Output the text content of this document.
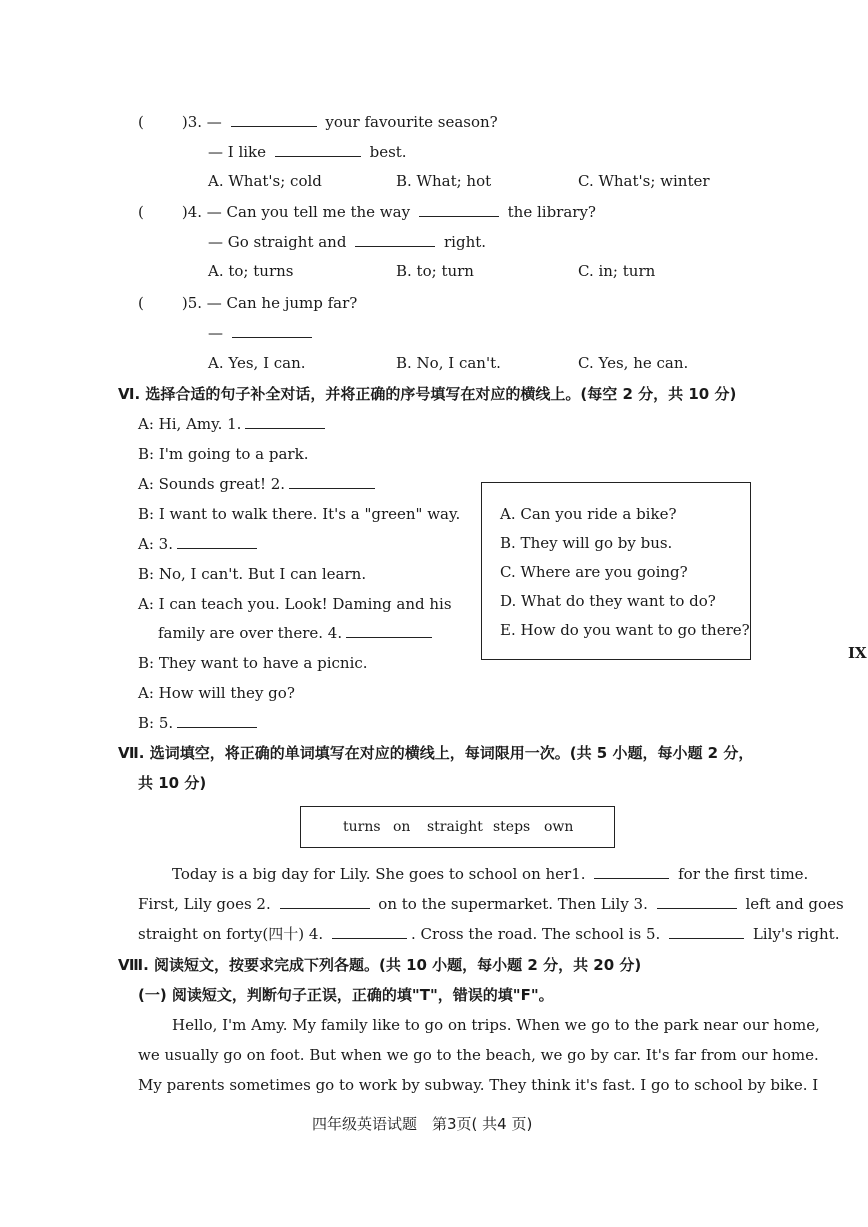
(	)3. —	your favourite season?
— I like	best.
A. What's; cold	B. What; hot	C. What's; winter
(	)4. — Can you tell me the way	the library?
— Go straight and	right.
A. to; turns	B. to; turn	C. in; turn
(	)5. — Can he jump far?
—
A. Yes, I can.	B. No, I can't.	C. Yes, he can.
Ⅵ. 选择合适的句子补全对话，并将正确的序号填写在对应的横线上。(每空 2 分，共 10 分)
A: Hi, Amy. 1.
B: I'm going to a park.
A: Sounds great! 2.
B: I want to walk there. It's a "green" way.
A: 3.
B: No, I can't. But I can learn.
A: I can teach you. Look! Daming and his
family are over there. 4.
B: They want to have a picnic.
A: How will they go?
B: 5.
A. Can you ride a bike?
B. They will go by bus.
C. Where are you going?
D. What do they want to do?
E. How do you want to go there?
IX
Ⅶ. 选词填空，将正确的单词填写在对应的横线上，每词限用一次。(共 5 小题，每小题 2 分，
共 10 分)
turns on straight steps own
Today is a big day for Lily. She goes to school on her1.	for the first time.
First, Lily goes 2.	on to the supermarket. Then Lily 3.	left and goes
straight on forty(四十) 4.	. Cross the road. The school is 5.	Lily's right.
Ⅷ. 阅读短文，按要求完成下列各题。(共 10 小题，每小题 2 分，共 20 分)
(一) 阅读短文，判断句子正误，正确的填"T"，错误的填"F"。
Hello, I'm Amy. My family like to go on trips. When we go to the park near our home,
we usually go on foot. But when we go to the beach, we go by car. It's far from our home.
My parents sometimes go to work by subway. They think it's fast. I go to school by bike. I
四年级英语试题　第3页( 共4 页)
